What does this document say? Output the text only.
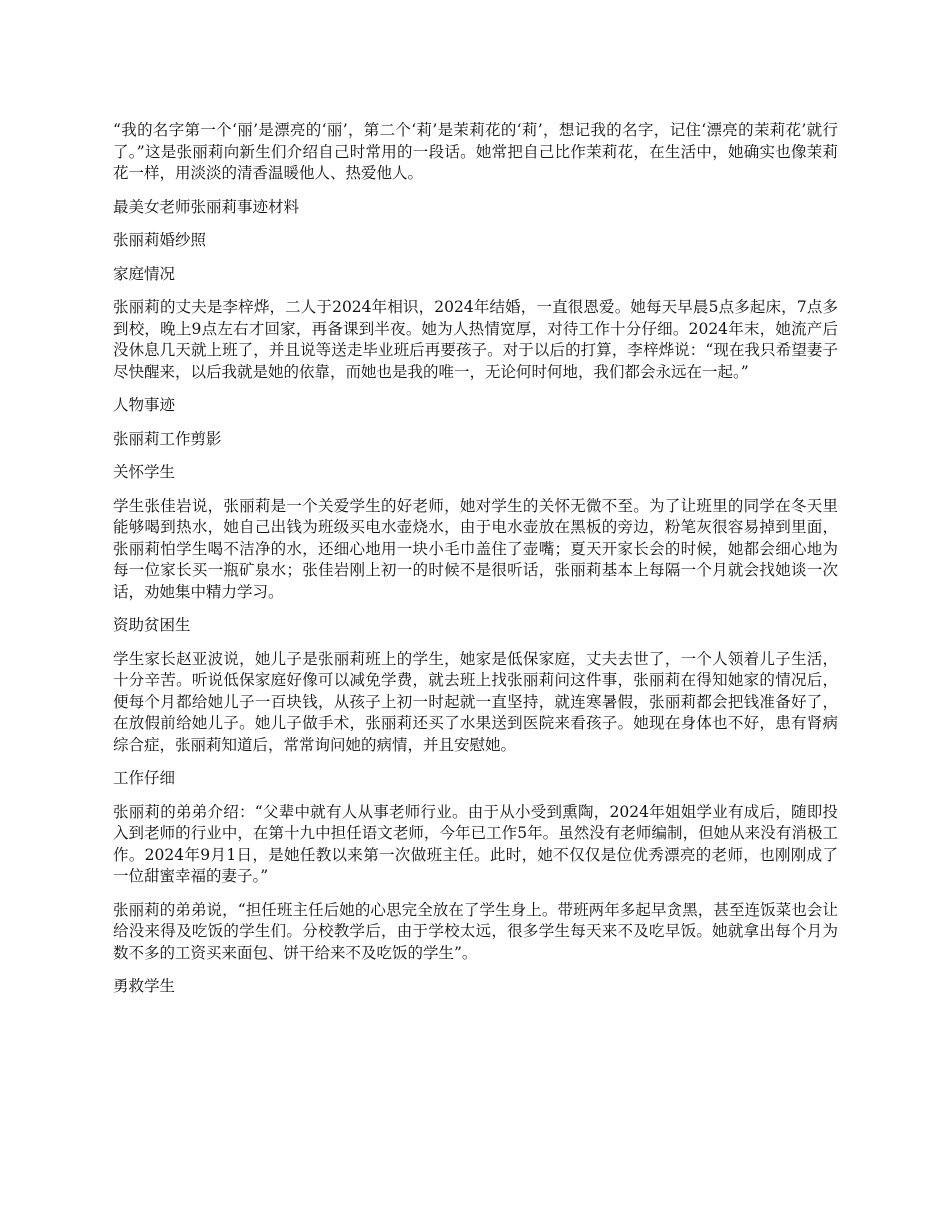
“我的名字第一个‘丽’是漂亮的‘丽’，第二个‘莉’是茉莉花的‘莉’，想记我的名字，记住‘漂亮的茉莉花’就行了。”这是张丽莉向新生们介绍自己时常用的一段话。她常把自己比作茉莉花，在生活中，她确实也像茉莉花一样，用淡淡的清香温暖他人、热爱他人。

最美女老师张丽莉事迹材料

张丽莉婚纱照

家庭情况

张丽莉的丈夫是李梓烨，二人于2024年相识，2024年结婚，一直很恩爱。她每天早晨5点多起床，7点多到校，晚上9点左右才回家，再备课到半夜。她为人热情宽厚，对待工作十分仔细。2024年末，她流产后没休息几天就上班了，并且说等送走毕业班后再要孩子。对于以后的打算，李梓烨说：“现在我只希望妻子尽快醒来，以后我就是她的依靠，而她也是我的唯一，无论何时何地，我们都会永远在一起。”

人物事迹

张丽莉工作剪影

关怀学生

学生张佳岩说，张丽莉是一个关爱学生的好老师，她对学生的关怀无微不至。为了让班里的同学在冬天里能够喝到热水，她自己出钱为班级买电水壶烧水，由于电水壶放在黑板的旁边，粉笔灰很容易掉到里面，张丽莉怕学生喝不洁净的水，还细心地用一块小毛巾盖住了壶嘴；夏天开家长会的时候，她都会细心地为每一位家长买一瓶矿泉水；张佳岩刚上初一的时候不是很听话，张丽莉基本上每隔一个月就会找她谈一次话，劝她集中精力学习。

资助贫困生

学生家长赵亚波说，她儿子是张丽莉班上的学生，她家是低保家庭，丈夫去世了，一个人领着儿子生活，十分辛苦。听说低保家庭好像可以减免学费，就去班上找张丽莉问这件事，张丽莉在得知她家的情况后，便每个月都给她儿子一百块钱，从孩子上初一时起就一直坚持，就连寒暑假，张丽莉都会把钱准备好了，在放假前给她儿子。她儿子做手术，张丽莉还买了水果送到医院来看孩子。她现在身体也不好，患有肾病综合症，张丽莉知道后，常常询问她的病情，并且安慰她。

工作仔细

张丽莉的弟弟介绍：“父辈中就有人从事老师行业。由于从小受到熏陶，2024年姐姐学业有成后，随即投入到老师的行业中，在第十九中担任语文老师，今年已工作5年。虽然没有老师编制，但她从来没有消极工作。2024年9月1日，是她任教以来第一次做班主任。此时，她不仅仅是位优秀漂亮的老师，也刚刚成了一位甜蜜幸福的妻子。”

张丽莉的弟弟说，“担任班主任后她的心思完全放在了学生身上。带班两年多起早贪黑，甚至连饭菜也会让给没来得及吃饭的学生们。分校教学后，由于学校太远，很多学生每天来不及吃早饭。她就拿出每个月为数不多的工资买来面包、饼干给来不及吃饭的学生”。

勇救学生
